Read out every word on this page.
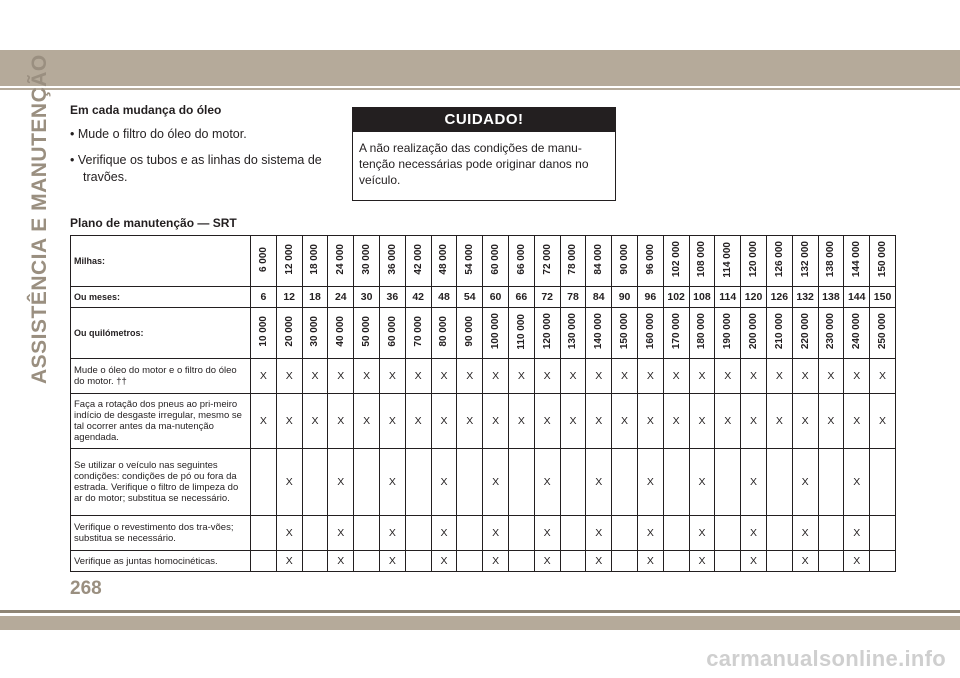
ASSISTÊNCIA E MANUTENÇÃO Em cada mudança do óleo
• Mude o filtro do óleo do motor.
• Verifique os tubos e as linhas do sistema de
travões.
CUIDADO!
A não realização das condições de manu-tenção necessárias pode originar danos no veículo.
Plano de manutenção — SRT
Milhas:	6 000	12 000	18 000	24 000	30 000	36 000	42 000	48 000	54 000	60 000	66 000	72 000	78 000	84 000	90 000	96 000	102 000	108 000	114 000	120 000	126 000	132 000	138 000	144 000	150 000
Ou meses:	6	12	18	24	30	36	42	48	54	60	66	72	78	84	90	96	102	108	114	120	126	132	138	144	150
Ou quilómetros:	10 000	20 000	30 000	40 000	50 000	60 000	70 000	80 000	90 000	100 000	110 000	120 000	130 000	140 000	150 000	160 000	170 000	180 000	190 000	200 000	210 000	220 000	230 000	240 000	250 000
Mude o óleo do motor e o filtro do óleo do motor. ††	X	X	X	X	X	X	X	X	X	X	X	X	X	X	X	X	X	X	X	X	X	X	X	X	X
Faça a rotação dos pneus ao pri-meiro indício de desgaste irregular, mesmo se tal ocorrer antes da ma-nutenção agendada.	X	X	X	X	X	X	X	X	X	X	X	X	X	X	X	X	X	X	X	X	X	X	X	X	X
Se utilizar o veículo nas seguintes condições: condições de pó ou fora da estrada. Verifique o filtro de limpeza do ar do motor; substitua se necessário.		X		X		X		X		X		X		X		X		X		X		X		X	
Verifique o revestimento dos tra-vões; substitua se necessário.		X		X		X		X		X		X		X		X		X		X		X		X	
Verifique as juntas homocinéticas.		X		X		X		X		X		X		X		X		X		X		X		X	
268
carmanualsonline.info
